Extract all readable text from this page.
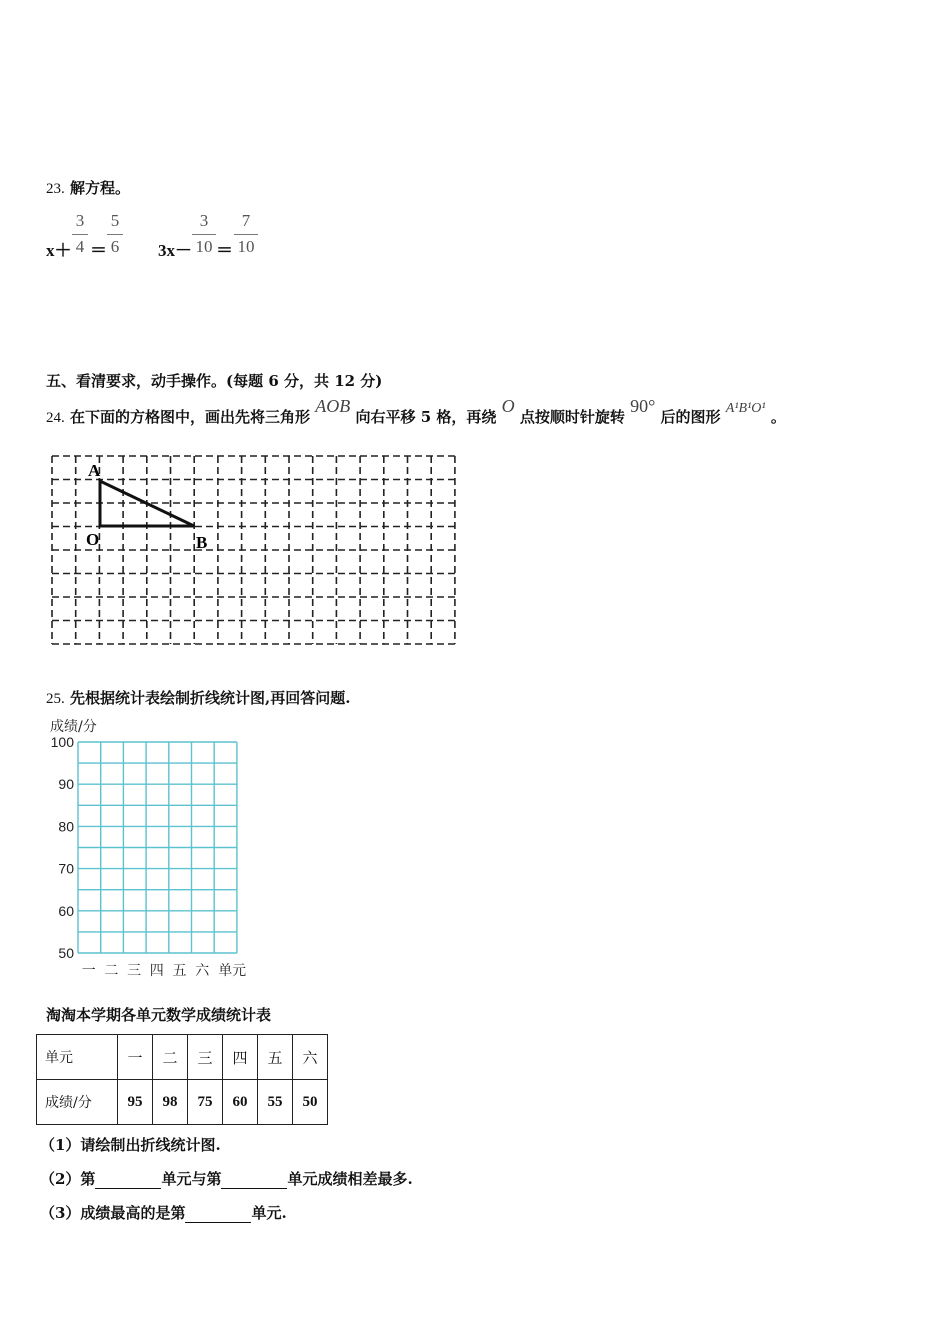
23. 解方程。
x＋
3
4 ＝
5
6 3x－
3
10 ＝
7
10
五、看清要求，动手操作。(每题 6 分，共 12 分)
24. 在下面的方格图中，画出先将三角形 AOB 向右平移 5 格，再绕 O 点按顺时针旋转 90° 后的图形 A¹B¹O¹ 。
A
O	B
25. 先根据统计表绘制折线统计图,再回答问题.
成绩/分
100
90
80
70
60
50
一 二 三 四 五 六 单元
淘淘本学期各单元数学成绩统计表
单元	一	二	三	四	五	六
成绩/分	95	98	75	60	55	50
（1）请绘制出折线统计图.
（2）第	单元与第	单元成绩相差最多.
（3）成绩最高的是第	单元.
